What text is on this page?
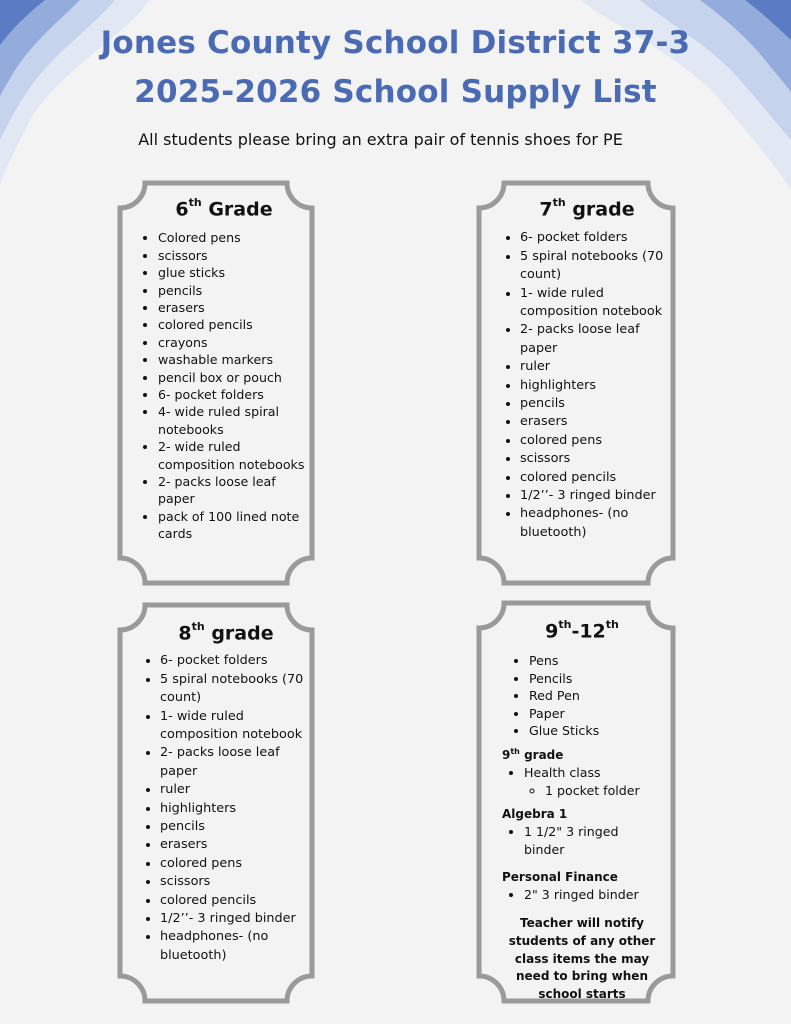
Jones County School District 37-3
2025-2026 School Supply List
All students please bring an extra pair of tennis shoes for PE
6th Grade
• Colored pens
• scissors
• glue sticks
• pencils
• erasers
• colored pencils
• crayons
• washable markers
• pencil box or pouch
• 6- pocket folders
• 4- wide ruled spiral notebooks
• 2- wide ruled composition notebooks
• 2- packs loose leaf paper
• pack of 100 lined note cards
7th grade
• 6- pocket folders
• 5 spiral notebooks (70 count)
• 1- wide ruled composition notebook
• 2- packs loose leaf paper
• ruler
• highlighters
• pencils
• erasers
• colored pens
• scissors
• colored pencils
• 1/2’’- 3 ringed binder
• headphones- (no bluetooth)
8th grade
• 6- pocket folders
• 5 spiral notebooks (70 count)
• 1- wide ruled composition notebook
• 2- packs loose leaf paper
• ruler
• highlighters
• pencils
• erasers
• colored pens
• scissors
• colored pencils
• 1/2’’- 3 ringed binder
• headphones- (no bluetooth)
9th-12th
• Pens
• Pencils
• Red Pen
• Paper
• Glue Sticks
9th grade
• Health class
◦ 1 pocket folder
Algebra 1
• 1 1/2" 3 ringed binder
Personal Finance
• 2" 3 ringed binder
Teacher will notify students of any other class items the may need to bring when school starts
